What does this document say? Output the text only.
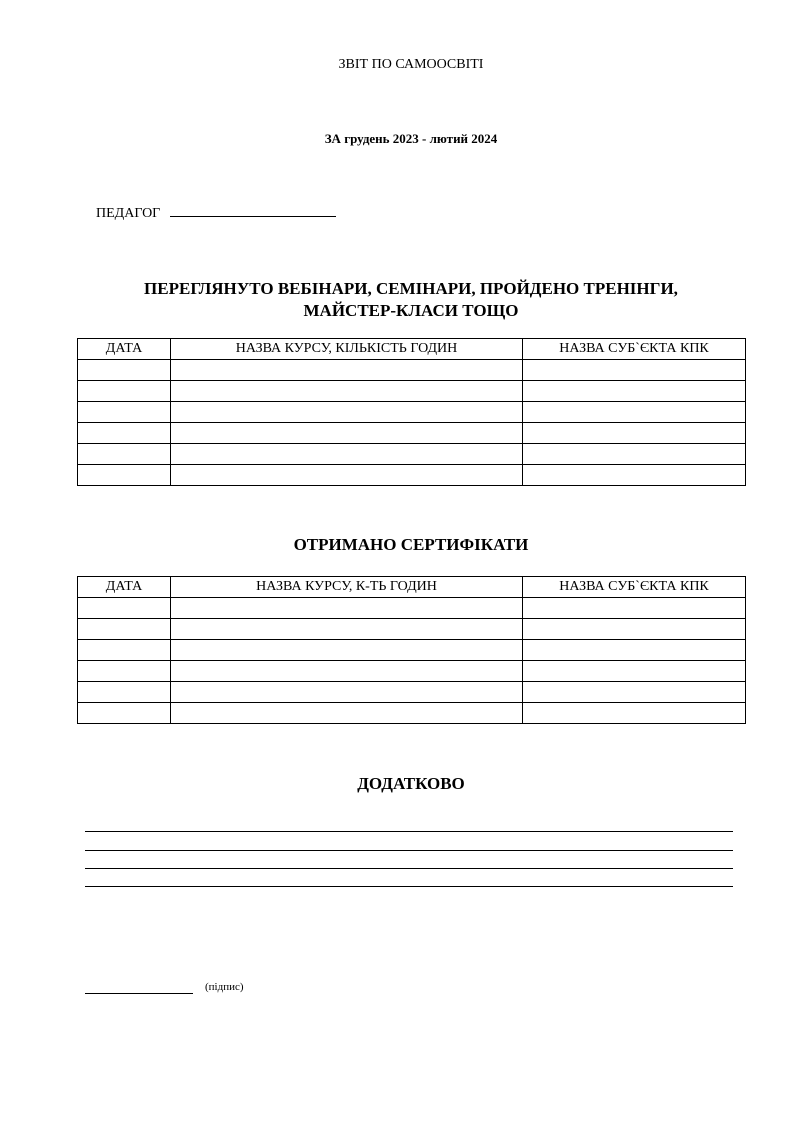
ЗВІТ ПО САМООСВІТІ
ЗА грудень 2023 - лютий 2024
ПЕДАГОГ
ПЕРЕГЛЯНУТО ВЕБІНАРИ, СЕМІНАРИ, ПРОЙДЕНО ТРЕНІНГИ,
МАЙСТЕР-КЛАСИ ТОЩО
ДАТА	НАЗВА КУРСУ, КІЛЬКІСТЬ ГОДИН	НАЗВА СУБ`ЄКТА КПК

ОТРИМАНО СЕРТИФІКАТИ
ДАТА	НАЗВА КУРСУ, К-ТЬ ГОДИН	НАЗВА СУБ`ЄКТА КПК

ДОДАТКОВО
(підпис)
